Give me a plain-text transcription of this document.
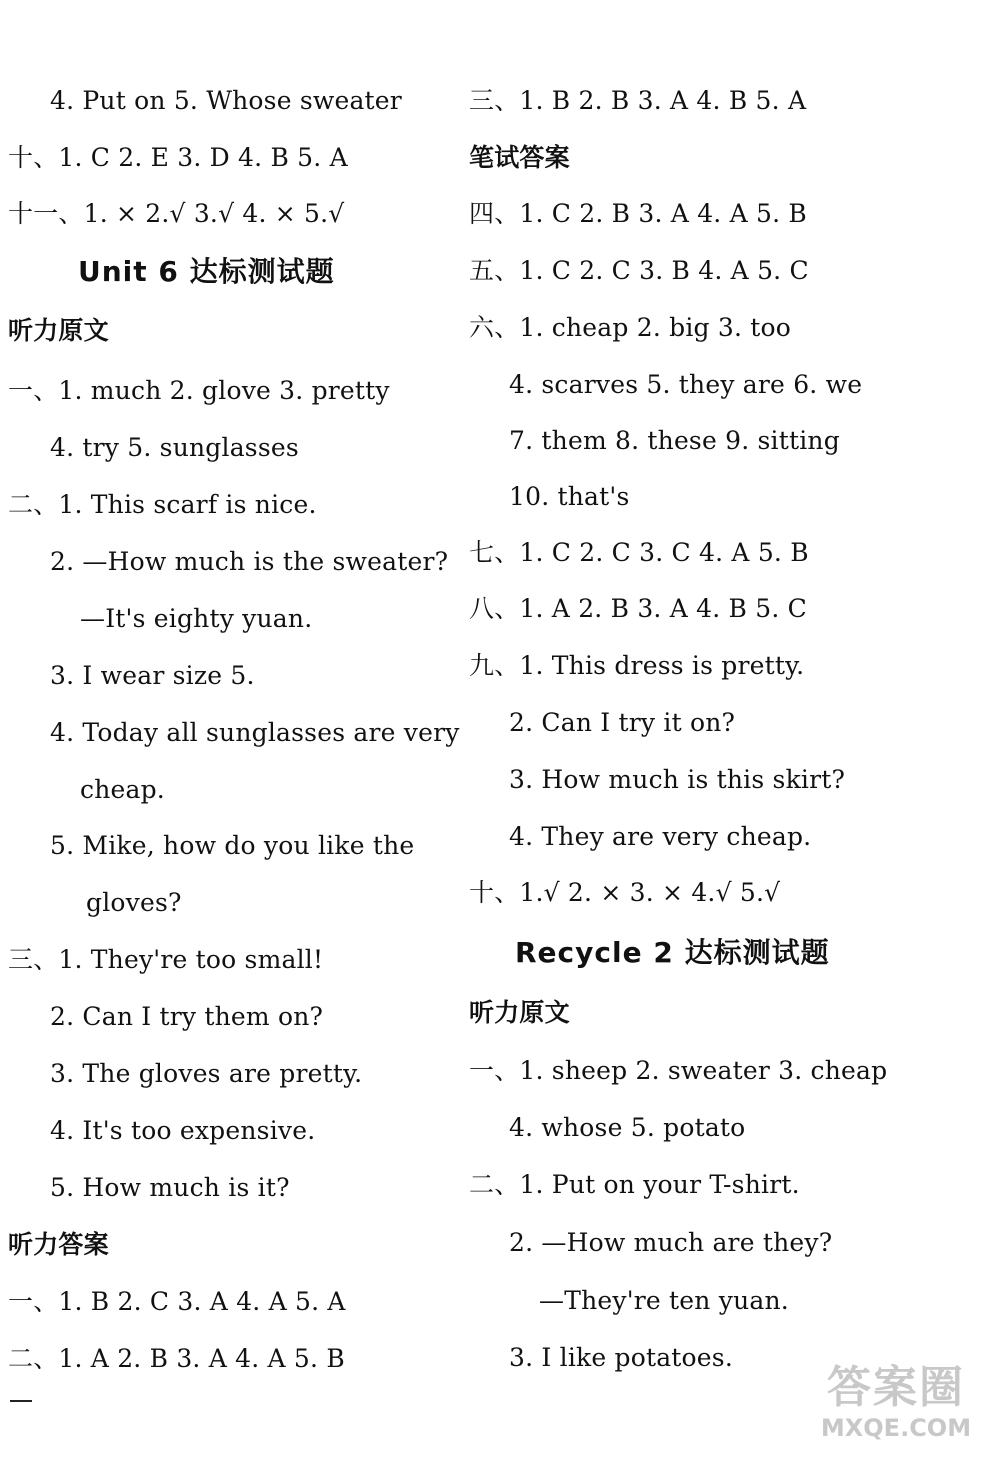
4. Put on 5. Whose sweater
十、1. C 2. E 3. D 4. B 5. A
十一、1. × 2.√ 3.√ 4. × 5.√
Unit 6 达标测试题
听力原文
一、1. much 2. glove 3. pretty
4. try 5. sunglasses
二、1. This scarf is nice.
2. —How much is the sweater?
—It's eighty yuan.
3. I wear size 5.
4. Today all sunglasses are very
cheap.
5. Mike, how do you like the
gloves?
三、1. They're too small!
2. Can I try them on?
3. The gloves are pretty.
4. It's too expensive.
5. How much is it?
听力答案
一、1. B 2. C 3. A 4. A 5. A
二、1. A 2. B 3. A 4. A 5. B
三、1. B 2. B 3. A 4. B 5. A
笔试答案
四、1. C 2. B 3. A 4. A 5. B
五、1. C 2. C 3. B 4. A 5. C
六、1. cheap 2. big 3. too
4. scarves 5. they are 6. we
7. them 8. these 9. sitting
10. that's
七、1. C 2. C 3. C 4. A 5. B
八、1. A 2. B 3. A 4. B 5. C
九、1. This dress is pretty.
2. Can I try it on?
3. How much is this skirt?
4. They are very cheap.
十、1.√ 2. × 3. × 4.√ 5.√
Recycle 2 达标测试题
听力原文
一、1. sheep 2. sweater 3. cheap
4. whose 5. potato
二、1. Put on your T-shirt.
2. —How much are they?
—They're ten yuan.
3. I like potatoes.
答案圈
MXQE.COM
